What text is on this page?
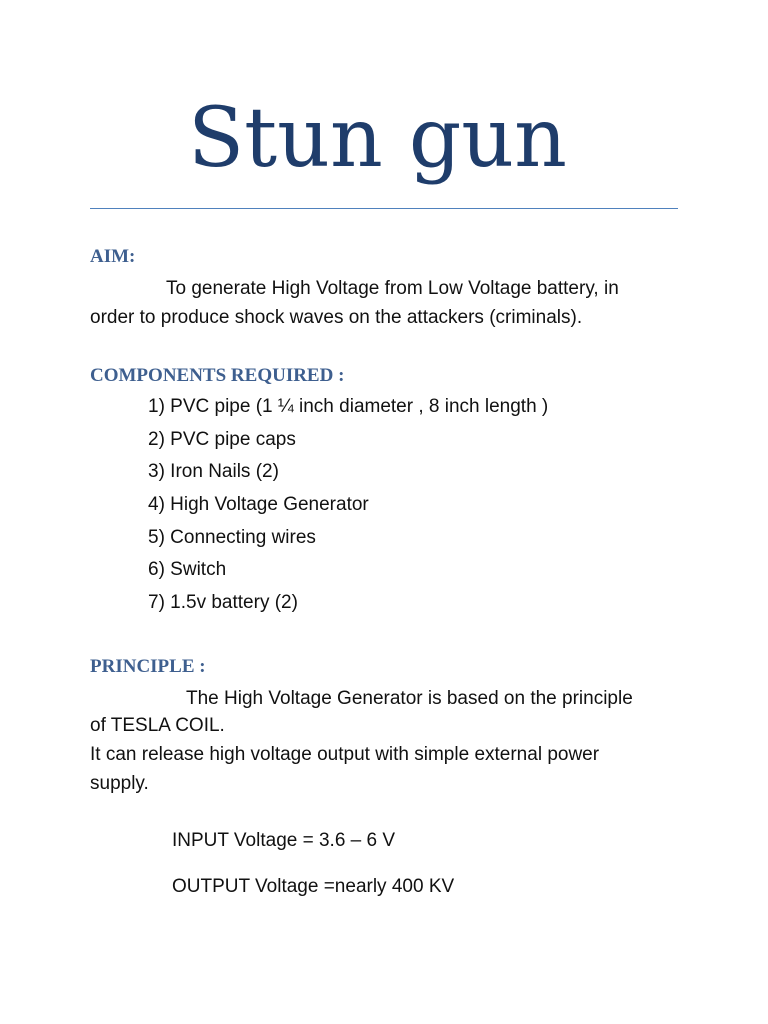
Stun gun
AIM:
To generate High Voltage from Low Voltage battery, in
order to produce shock waves on the attackers (criminals).
COMPONENTS REQUIRED :
1) PVC pipe (1 ¼ inch diameter , 8 inch length )
2) PVC pipe caps
3) Iron Nails (2)
4) High Voltage Generator
5) Connecting wires
6) Switch
7) 1.5v battery (2)
PRINCIPLE :
The High Voltage Generator is based on the principle
of TESLA COIL.
It can release high voltage output with simple external power
supply.
INPUT Voltage = 3.6 – 6 V
OUTPUT Voltage =nearly 400 KV
